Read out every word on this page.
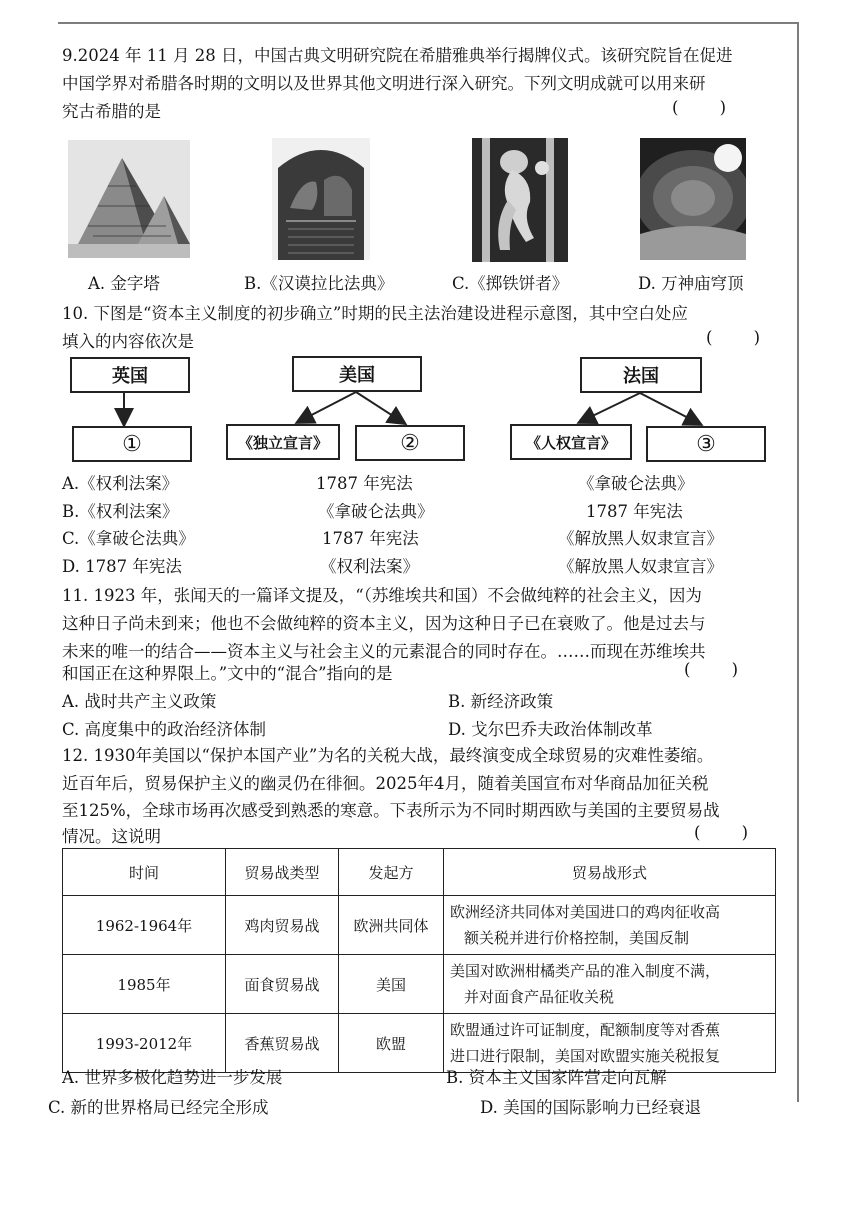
9.2024 年 11 月 28 日，中国古典文明研究院在希腊雅典举行揭牌仪式。该研究院旨在促进
中国学界对希腊各时期的文明以及世界其他文明进行深入研究。下列文明成就可以用来研
究古希腊的是	( )
A. 金字塔	B.《汉谟拉比法典》	C.《掷铁饼者》	D. 万神庙穹顶
10. 下图是“资本主义制度的初步确立”时期的民主法治建设进程示意图，其中空白处应
填入的内容依次是	( )
英国	美国	法国
①	《独立宣言》	②	《人权宣言》	③
A.《权利法案》	1787 年宪法	《拿破仑法典》
B.《权利法案》	《拿破仑法典》	1787 年宪法
C.《拿破仑法典》	1787 年宪法	《解放黑人奴隶宣言》
D. 1787 年宪法	《权利法案》	《解放黑人奴隶宣言》
11. 1923 年，张闻天的一篇译文提及，“（苏维埃共和国）不会做纯粹的社会主义，因为
这种日子尚未到来；他也不会做纯粹的资本主义，因为这种日子已在衰败了。他是过去与
未来的唯一的结合——资本主义与社会主义的元素混合的同时存在。……而现在苏维埃共
和国正在这种界限上。”文中的“混合”指向的是	( )
A. 战时共产主义政策	B. 新经济政策
C. 高度集中的政治经济体制	D. 戈尔巴乔夫政治体制改革
12. 1930年美国以“保护本国产业”为名的关税大战，最终演变成全球贸易的灾难性萎缩。
近百年后，贸易保护主义的幽灵仍在徘徊。2025年4月，随着美国宣布对华商品加征关税
至125%，全球市场再次感受到熟悉的寒意。下表所示为不同时期西欧与美国的主要贸易战
情况。这说明	( )
时间	贸易战类型	发起方	贸易战形式
1962-1964年	鸡肉贸易战	欧洲共同体	欧洲经济共同体对美国进口的鸡肉征收高
额关税并进行价格控制，美国反制

1985年	面食贸易战	美国	美国对欧洲柑橘类产品的准入制度不满，
并对面食产品征收关税

1993-2012年	香蕉贸易战	欧盟	欧盟通过许可证制度，配额制度等对香蕉
进口进行限制，美国对欧盟实施关税报复
A. 世界多极化趋势进一步发展	B. 资本主义国家阵营走向瓦解
C. 新的世界格局已经完全形成	D. 美国的国际影响力已经衰退
